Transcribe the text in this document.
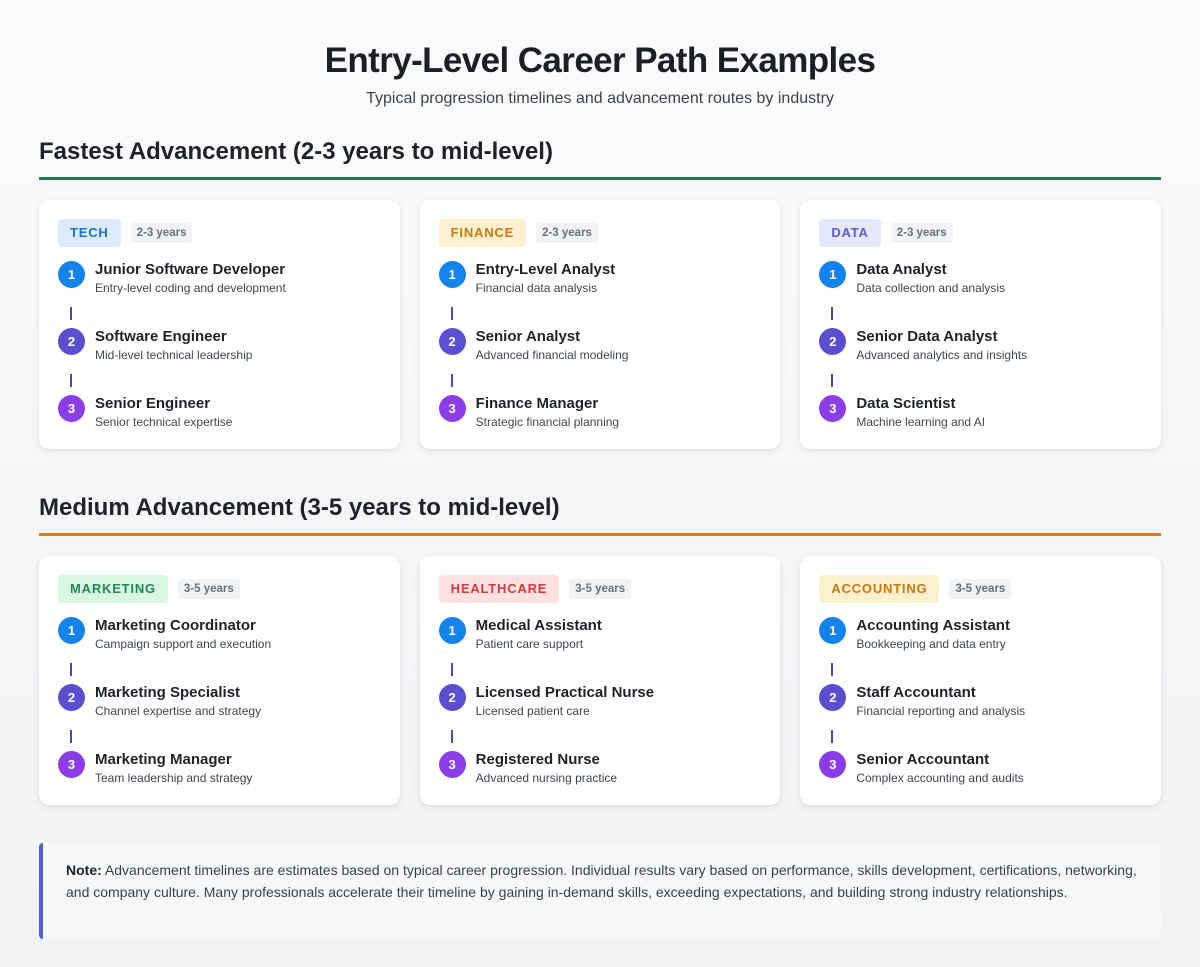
Entry-Level Career Path Examples

Typical progression timelines and advancement routes by industry

Fastest Advancement (2-3 years to mid-level)
TECH	2-3 years
1	Junior Software Developer
Entry-level coding and development
2	Software Engineer
Mid-level technical leadership
3	Senior Engineer
Senior technical expertise
FINANCE	2-3 years
1	Entry-Level Analyst
Financial data analysis
2	Senior Analyst
Advanced financial modeling
3	Finance Manager
Strategic financial planning
DATA	2-3 years
1	Data Analyst
Data collection and analysis
2	Senior Data Analyst
Advanced analytics and insights
3	Data Scientist
Machine learning and AI
Medium Advancement (3-5 years to mid-level)
MARKETING	3-5 years
1	Marketing Coordinator
Campaign support and execution
2	Marketing Specialist
Channel expertise and strategy
3	Marketing Manager
Team leadership and strategy
HEALTHCARE	3-5 years
1	Medical Assistant
Patient care support
2	Licensed Practical Nurse
Licensed patient care
3	Registered Nurse
Advanced nursing practice
ACCOUNTING	3-5 years
1	Accounting Assistant
Bookkeeping and data entry
2	Staff Accountant
Financial reporting and analysis
3	Senior Accountant
Complex accounting and audits
Note: Advancement timelines are estimates based on typical career progression. Individual results vary based on performance, skills development, certifications, networking, and company culture. Many professionals accelerate their timeline by gaining in-demand skills, exceeding expectations, and building strong industry relationships.
